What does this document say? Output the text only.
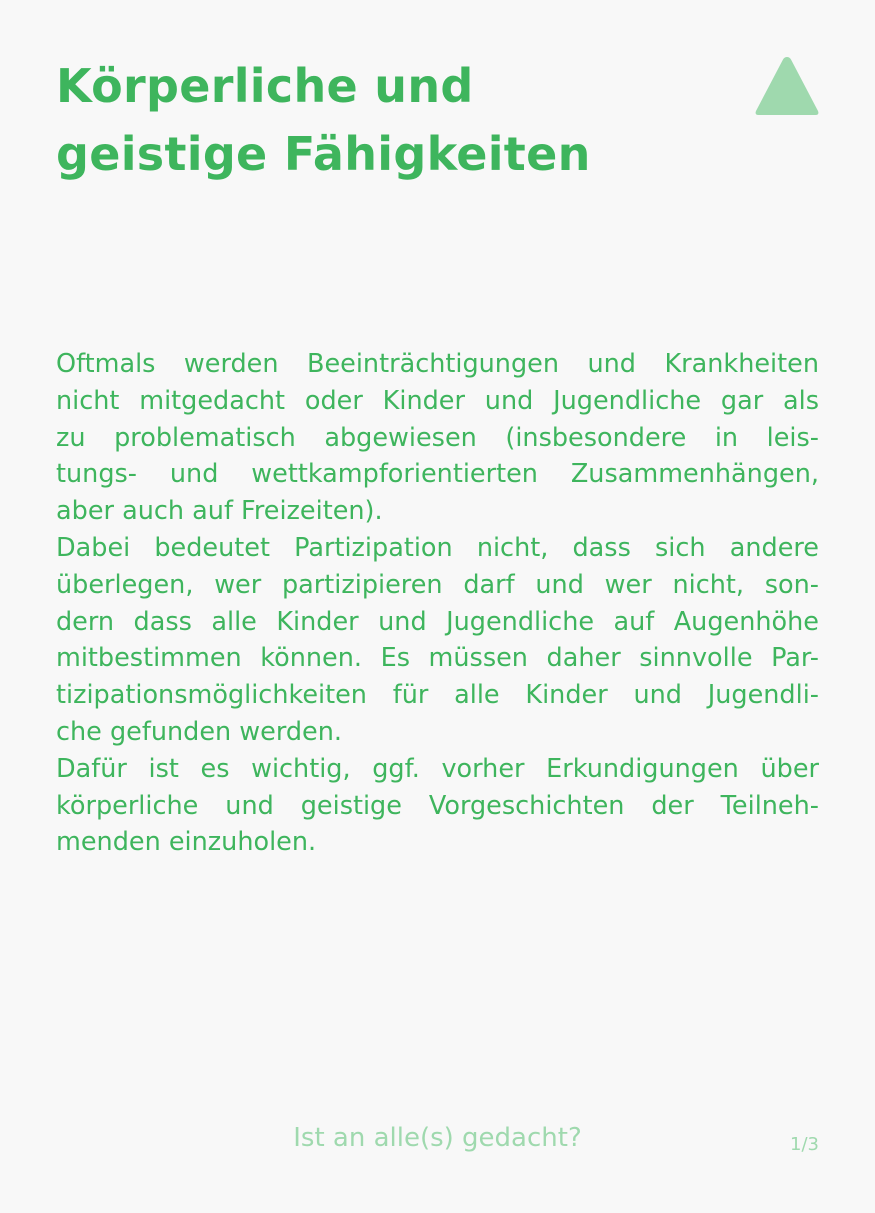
Körperliche und
geistige Fähigkeiten
Oftmals werden Beeinträchtigungen und Krankheiten
nicht mitgedacht oder Kinder und Jugendliche gar als
zu problematisch abgewiesen (insbesondere in leis-
tungs- und wettkampforientierten Zusammenhängen,
aber auch auf Freizeiten).
Dabei bedeutet Partizipation nicht, dass sich andere
überlegen, wer partizipieren darf und wer nicht, son-
dern dass alle Kinder und Jugendliche auf Augenhöhe
mitbestimmen können. Es müssen daher sinnvolle Par-
tizipationsmöglichkeiten für alle Kinder und Jugendli-
che gefunden werden.
Dafür ist es wichtig, ggf. vorher Erkundigungen über
körperliche und geistige Vorgeschichten der Teilneh-
menden einzuholen.
Ist an alle(s) gedacht?	1/3
